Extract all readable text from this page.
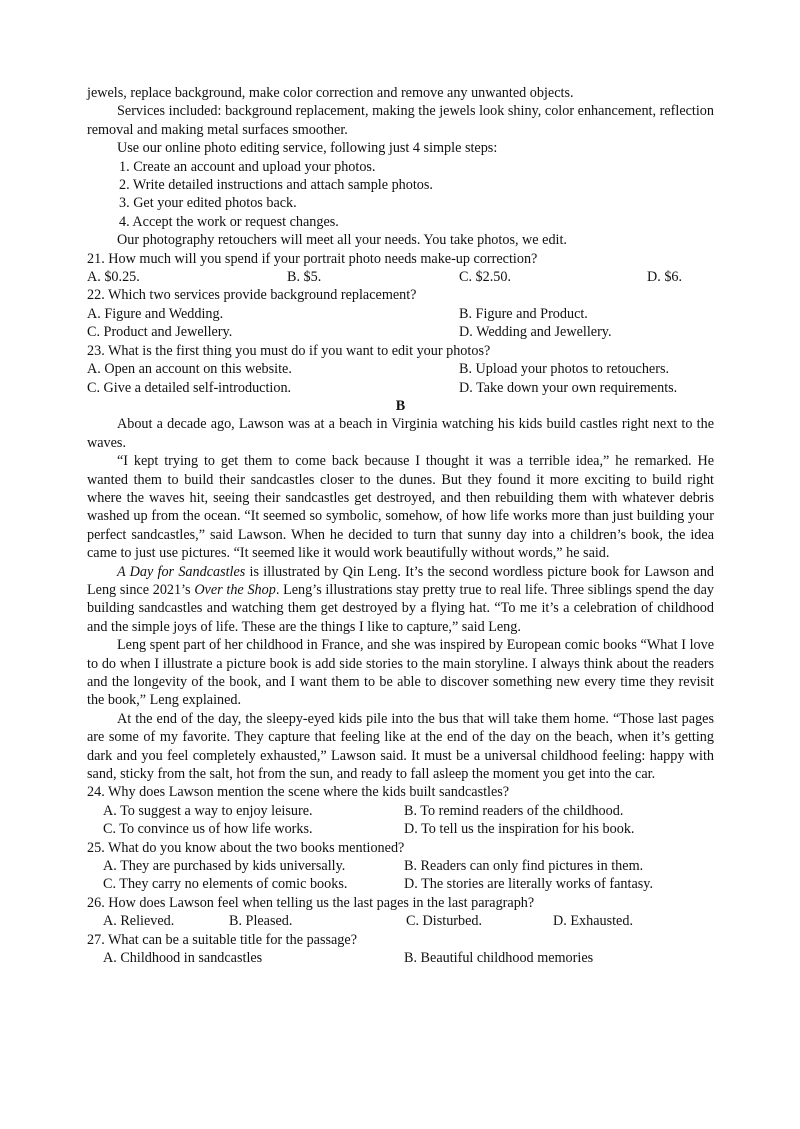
jewels, replace background, make color correction and remove any unwanted objects.

Services included: background replacement, making the jewels look shiny, color enhancement, reflection removal and making metal surfaces smoother.

Use our online photo editing service, following just 4 simple steps:

1. Create an account and upload your photos.

2. Write detailed instructions and attach sample photos.

3. Get your edited photos back.

4. Accept the work or request changes.

Our photography retouchers will meet all your needs. You take photos, we edit.

21. How much will you spend if your portrait photo needs make-up correction?

A. $0.25.	B. $5.	C. $2.50.	D. $6.

22. Which two services provide background replacement?

A. Figure and Wedding.	B. Figure and Product.
C. Product and Jewellery.	D. Wedding and Jewellery.

23. What is the first thing you must do if you want to edit your photos?

A. Open an account on this website.	B. Upload your photos to retouchers.
C. Give a detailed self-introduction.	D. Take down your own requirements.

B

About a decade ago, Lawson was at a beach in Virginia watching his kids build castles right next to the waves.

“I kept trying to get them to come back because I thought it was a terrible idea,” he remarked. He wanted them to build their sandcastles closer to the dunes. But they found it more exciting to build right where the waves hit, seeing their sandcastles get destroyed, and then rebuilding them with whatever debris washed up from the ocean. “It seemed so symbolic, somehow, of how life works more than just building your perfect sandcastles,” said Lawson. When he decided to turn that sunny day into a children’s book, the idea came to just use pictures. “It seemed like it would work beautifully without words,” he said.

A Day for Sandcastles is illustrated by Qin Leng. It’s the second wordless picture book for Lawson and Leng since 2021’s Over the Shop. Leng’s illustrations stay pretty true to real life. Three siblings spend the day building sandcastles and watching them get destroyed by a flying hat. “To me it’s a celebration of childhood and the simple joys of life. These are the things I like to capture,” said Leng.

Leng spent part of her childhood in France, and she was inspired by European comic books “What I love to do when I illustrate a picture book is add side stories to the main storyline. I always think about the readers and the longevity of the book, and I want them to be able to discover something new every time they revisit the book,” Leng explained.

At the end of the day, the sleepy-eyed kids pile into the bus that will take them home. “Those last pages are some of my favorite. They capture that feeling like at the end of the day on the beach, when it’s getting dark and you feel completely exhausted,” Lawson said. It must be a universal childhood feeling: happy with sand, sticky from the salt, hot from the sun, and ready to fall asleep the moment you get into the car.

24. Why does Lawson mention the scene where the kids built sandcastles?

A. To suggest a way to enjoy leisure.	B. To remind readers of the childhood.
C. To convince us of how life works.	D. To tell us the inspiration for his book.

25. What do you know about the two books mentioned?

A. They are purchased by kids universally.	B. Readers can only find pictures in them.
C. They carry no elements of comic books.	D. The stories are literally works of fantasy.

26. How does Lawson feel when telling us the last pages in the last paragraph?

A. Relieved.	B. Pleased.	C. Disturbed.	D. Exhausted.

27. What can be a suitable title for the passage?

A. Childhood in sandcastles	B. Beautiful childhood memories
